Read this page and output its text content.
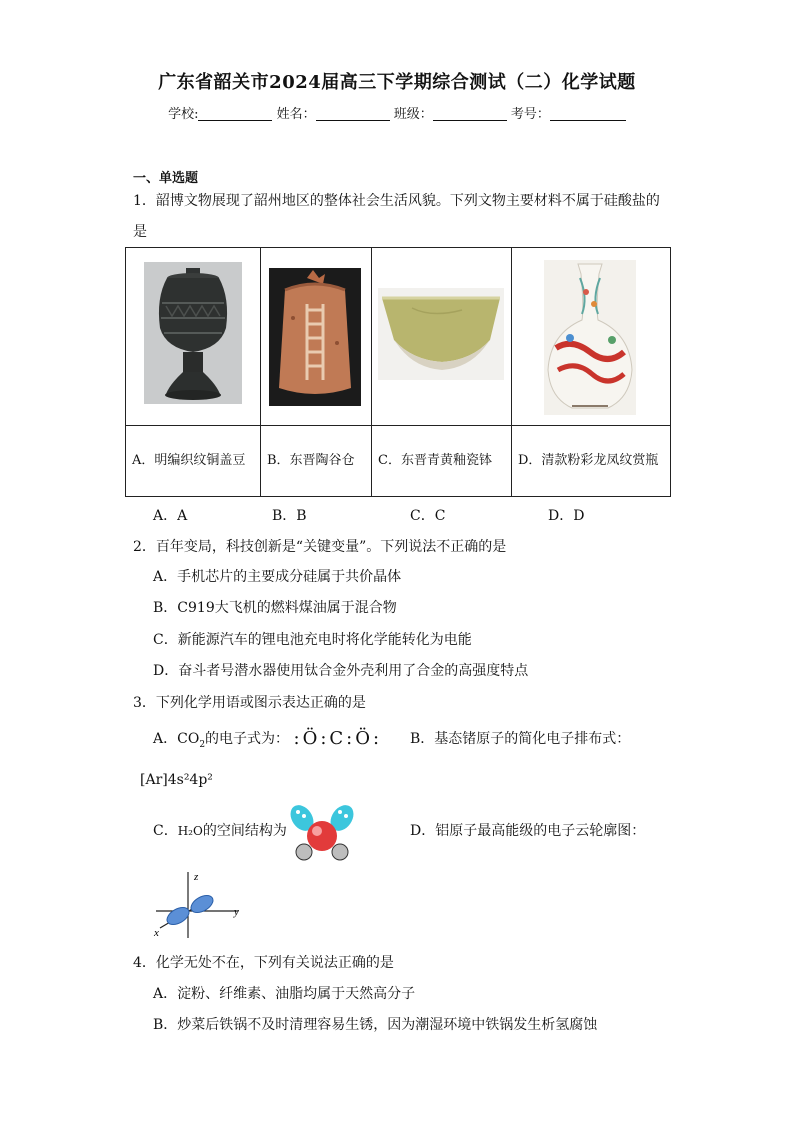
广东省韶关市2024届高三下学期综合测试（二）化学试题
学校:	姓名：	班级：	考号：
一、单选题
1．韶博文物展现了韶州地区的整体社会生活风貌。下列文物主要材料不属于硅酸盐的
是

A．明编织纹铜盖豆	B．东晋陶谷仓	C．东晋青黄釉瓷钵	D．清款粉彩龙凤纹赏瓶
A．A	B．B	C．C	D．D
2．百年变局，科技创新是“关键变量”。下列说法不正确的是
A．手机芯片的主要成分硅属于共价晶体
B．C919大飞机的燃料煤油属于混合物
C．新能源汽车的锂电池充电时将化学能转化为电能
D．奋斗者号潜水器使用钛合金外壳利用了合金的高强度特点
3．下列化学用语或图示表达正确的是
A．$CO_2$的电子式为： :Ö:C:Ö: B．基态锗原子的简化电子排布式：
[Ar]4s²4p²
C．H₂O的空间结构为	D．铝原子最高能级的电子云轮廓图：
z
y
x
4．化学无处不在，下列有关说法正确的是
A．淀粉、纤维素、油脂均属于天然高分子
B．炒菜后铁锅不及时清理容易生锈，因为潮湿环境中铁锅发生析氢腐蚀
